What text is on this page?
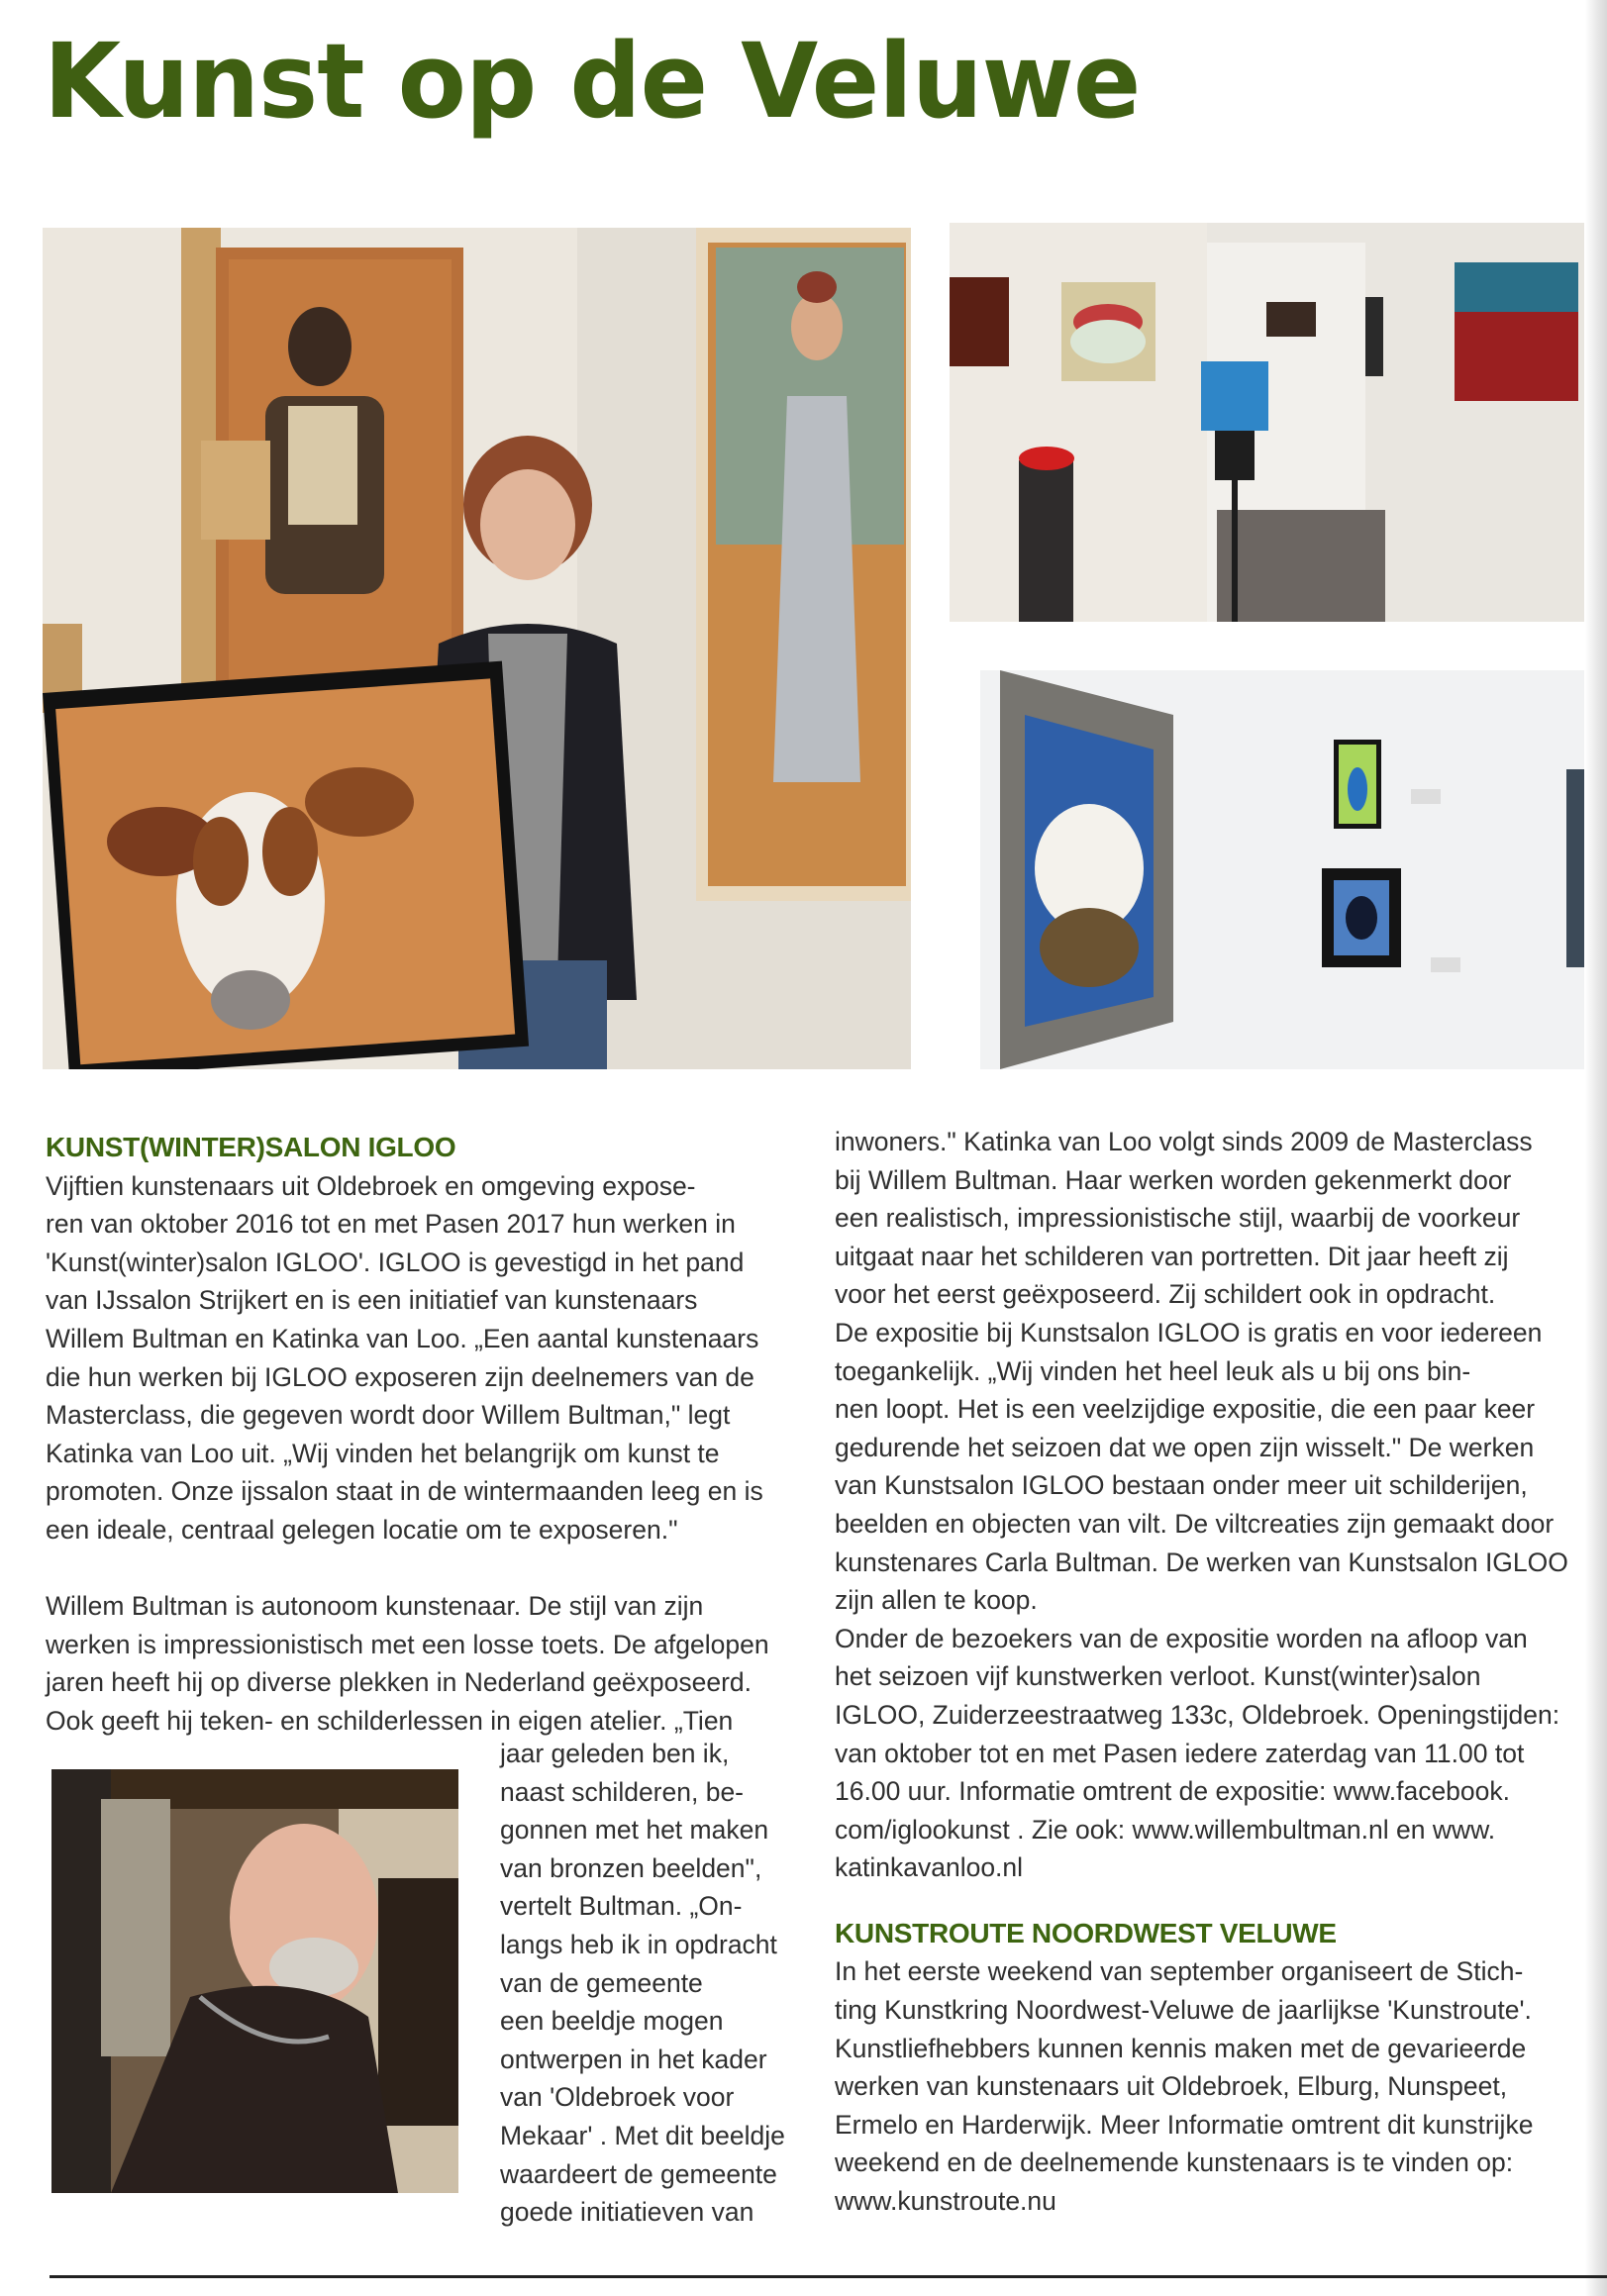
Kunst op de Veluwe
KUNST(WINTER)SALON IGLOO

Vijftien kunstenaars uit Oldebroek en omgeving expose-

ren van oktober 2016 tot en met Pasen 2017 hun werken in

'Kunst(winter)salon IGLOO'. IGLOO is gevestigd in het pand

van IJssalon Strijkert en is een initiatief van kunstenaars

Willem Bultman en Katinka van Loo. „Een aantal kunstenaars

die hun werken bij IGLOO exposeren zijn deelnemers van de

Masterclass, die gegeven wordt door Willem Bultman," legt

Katinka van Loo uit. „Wij vinden het belangrijk om kunst te

promoten. Onze ijssalon staat in de wintermaanden leeg en is

een ideale, centraal gelegen locatie om te exposeren."

Willem Bultman is autonoom kunstenaar. De stijl van zijn

werken is impressionistisch met een losse toets. De afgelopen

jaren heeft hij op diverse plekken in Nederland geëxposeerd.

Ook geeft hij teken- en schilderlessen in eigen atelier. „Tien

jaar geleden ben ik,

naast schilderen, be-

gonnen met het maken

van bronzen beelden",

vertelt Bultman. „On-

langs heb ik in opdracht

van de gemeente

een beeldje mogen

ontwerpen in het kader

van 'Oldebroek voor

Mekaar' . Met dit beeldje

waardeert de gemeente

goede initiatieven van

inwoners." Katinka van Loo volgt sinds 2009 de Masterclass

bij Willem Bultman. Haar werken worden gekenmerkt door

een realistisch, impressionistische stijl, waarbij de voorkeur

uitgaat naar het schilderen van portretten. Dit jaar heeft zij

voor het eerst geëxposeerd. Zij schildert ook in opdracht.

De expositie bij Kunstsalon IGLOO is gratis en voor iedereen

toegankelijk. „Wij vinden het heel leuk als u bij ons bin-

nen loopt. Het is een veelzijdige expositie, die een paar keer

gedurende het seizoen dat we open zijn wisselt." De werken

van Kunstsalon IGLOO bestaan onder meer uit schilderijen,

beelden en objecten van vilt. De viltcreaties zijn gemaakt door

kunstenares Carla Bultman. De werken van Kunstsalon IGLOO

zijn allen te koop.

Onder de bezoekers van de expositie worden na afloop van

het seizoen vijf kunstwerken verloot. Kunst(winter)salon

IGLOO, Zuiderzeestraatweg 133c, Oldebroek. Openingstijden:

van oktober tot en met Pasen iedere zaterdag van 11.00 tot

16.00 uur. Informatie omtrent de expositie: www.facebook.

com/iglookunst . Zie ook: www.willembultman.nl en www.

katinkavanloo.nl

KUNSTROUTE NOORDWEST VELUWE

In het eerste weekend van september organiseert de Stich-

ting Kunstkring Noordwest-Veluwe de jaarlijkse 'Kunstroute'.

Kunstliefhebbers kunnen kennis maken met de gevarieerde

werken van kunstenaars uit Oldebroek, Elburg, Nunspeet,

Ermelo en Harderwijk. Meer Informatie omtrent dit kunstrijke

weekend en de deelnemende kunstenaars is te vinden op:

www.kunstroute.nu
